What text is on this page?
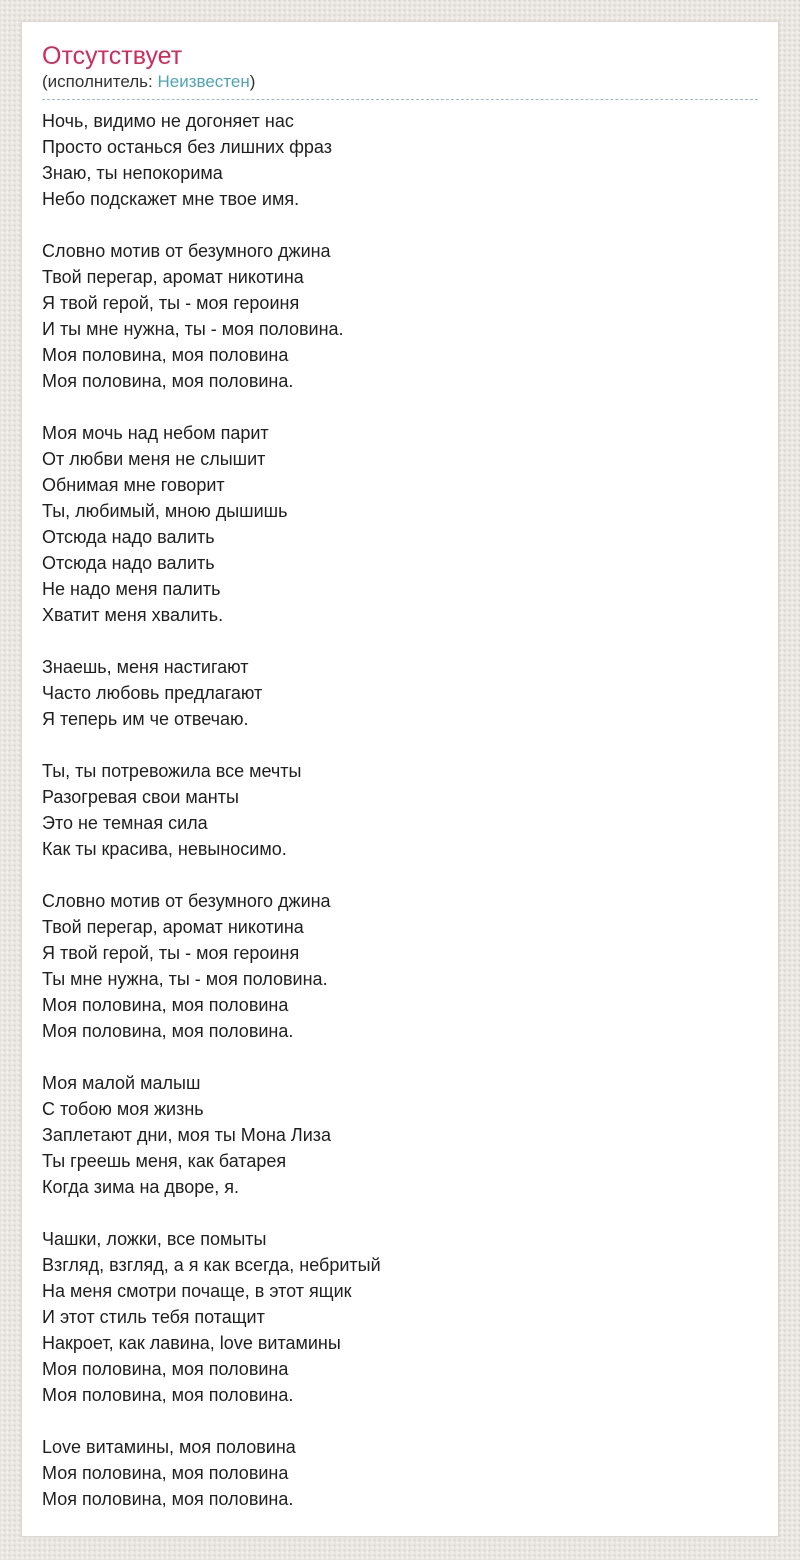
Отсутствует
(исполнитель: Неизвестен)
Ночь, видимо не догоняет нас
Просто останься без лишних фраз
Знаю, ты непокорима
Небо подскажет мне твое имя.
Словно мотив от безумного джина
Твой перегар, аромат никотина
Я твой герой, ты - моя героиня
И ты мне нужна, ты - моя половина.
Моя половина, моя половина
Моя половина, моя половина.
Моя мочь над небом парит
От любви меня не слышит
Обнимая мне говорит
Ты, любимый, мною дышишь
Отсюда надо валить
Отсюда надо валить
Не надо меня палить
Хватит меня хвалить.
Знаешь, меня настигают
Часто любовь предлагают
Я теперь им че отвечаю.
Ты, ты потревожила все мечты
Разогревая свои манты
Это не темная сила
Как ты красива, невыносимо.
Словно мотив от безумного джина
Твой перегар, аромат никотина
Я твой герой, ты - моя героиня
Ты мне нужна, ты - моя половина.
Моя половина, моя половина
Моя половина, моя половина.
Моя малой малыш
С тобою моя жизнь
Заплетают дни, моя ты Мона Лиза
Ты греешь меня, как батарея
Когда зима на дворе, я.
Чашки, ложки, все помыты
Взгляд, взгляд, а я как всегда, небритый
На меня смотри почаще, в этот ящик
И этот стиль тебя потащит
Накроет, как лавина, love витамины
Моя половина, моя половина
Моя половина, моя половина.
Love витамины, моя половина
Моя половина, моя половина
Моя половина, моя половина.
